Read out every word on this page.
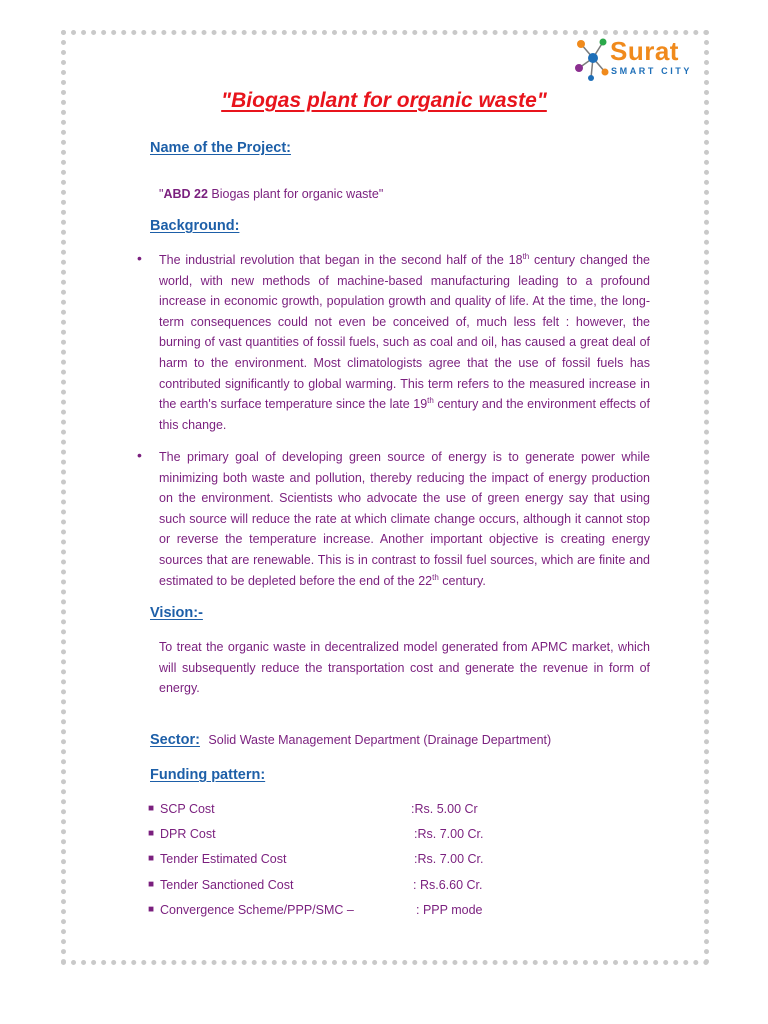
Surat
SMART CITY
"Biogas plant for organic waste"
Name of the Project:
"ABD 22 Biogas plant for organic waste"
Background:
• The industrial revolution that began in the second half of the 18th century changed the world, with new methods of machine-based manufacturing leading to a profound increase in economic growth, population growth and quality of life. At the time, the long-term consequences could not even be conceived of, much less felt : however, the burning of vast quantities of fossil fuels, such as coal and oil, has caused a great deal of harm to the environment. Most climatologists agree that the use of fossil fuels has contributed significantly to global warming. This term refers to the measured increase in the earth's surface temperature since the late 19th century and the environment effects of this change.
• The primary goal of developing green source of energy is to generate power while minimizing both waste and pollution, thereby reducing the impact of energy production on the environment. Scientists who advocate the use of green energy say that using such source will reduce the rate at which climate change occurs, although it cannot stop or reverse the temperature increase. Another important objective is creating energy sources that are renewable. This is in contrast to fossil fuel sources, which are finite and estimated to be depleted before the end of the 22th century.
Vision:-
To treat the organic waste in decentralized model generated from APMC market, which will subsequently reduce the transportation cost and generate the revenue in form of energy.
Sector: Solid Waste Management Department (Drainage Department)
Funding pattern:
■ SCP Cost	:Rs. 5.00 Cr
■ DPR Cost	:Rs. 7.00 Cr.
■ Tender Estimated Cost	:Rs. 7.00 Cr.
■ Tender Sanctioned Cost	: Rs.6.60 Cr.
■ Convergence Scheme/PPP/SMC –	: PPP mode
